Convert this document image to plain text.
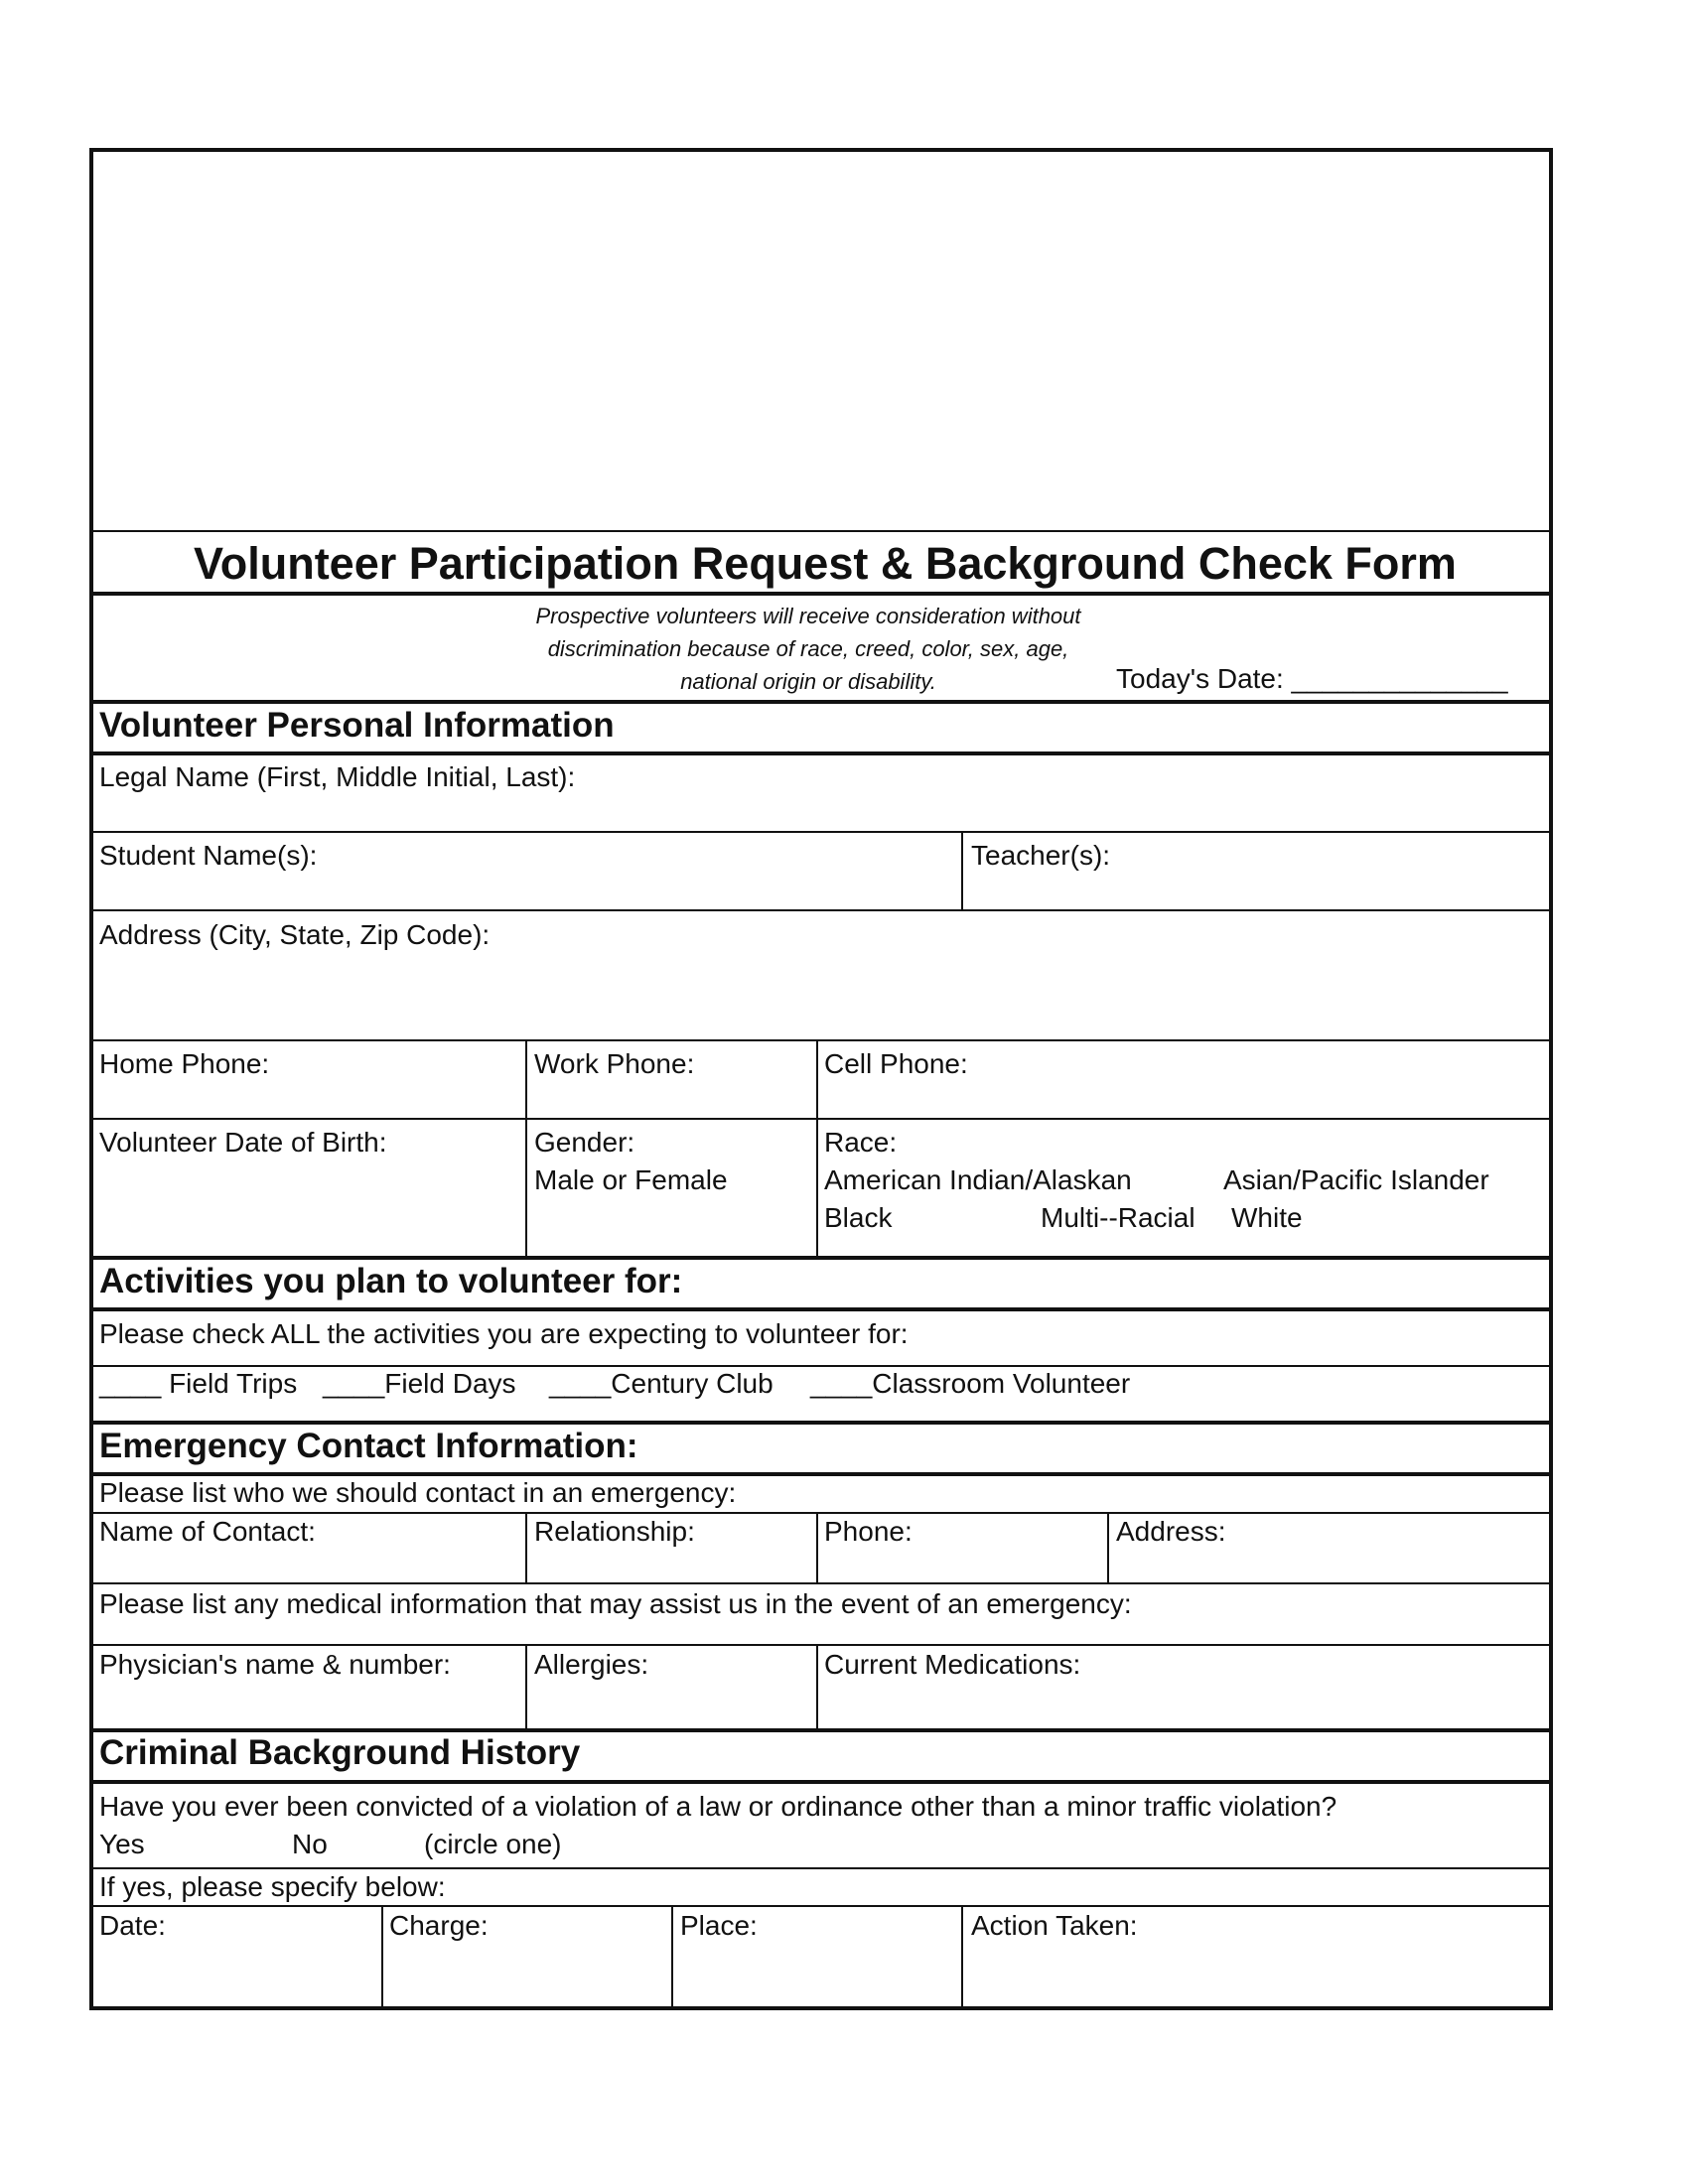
Volunteer Participation Request & Background Check Form
Prospective volunteers will receive consideration without
discrimination because of race, creed, color, sex, age,
national origin or disability.	Today's Date: ______________
Volunteer Personal Information
Legal Name (First, Middle Initial, Last):
Student Name(s):	Teacher(s):
Address (City, State, Zip Code):
Home Phone:	Work Phone:	Cell Phone:
Volunteer Date of Birth:	Gender:
Male or Female
Race:
American Indian/Alaskan	Asian/Pacific Islander
Black	Multi--Racial White
Activities you plan to volunteer for:
Please check ALL the activities you are expecting to volunteer for:
____ Field Trips ____Field Days ____Century Club ____Classroom Volunteer
Emergency Contact Information:
Please list who we should contact in an emergency:
Name of Contact:	Relationship:	Phone:	Address:
Please list any medical information that may assist us in the event of an emergency:
Physician's name & number:	Allergies:	Current Medications:
Criminal Background History
Have you ever been convicted of a violation of a law or ordinance other than a minor traffic violation?
Yes	No	(circle one)
If yes, please specify below:
Date:	Charge:	Place:	Action Taken:
